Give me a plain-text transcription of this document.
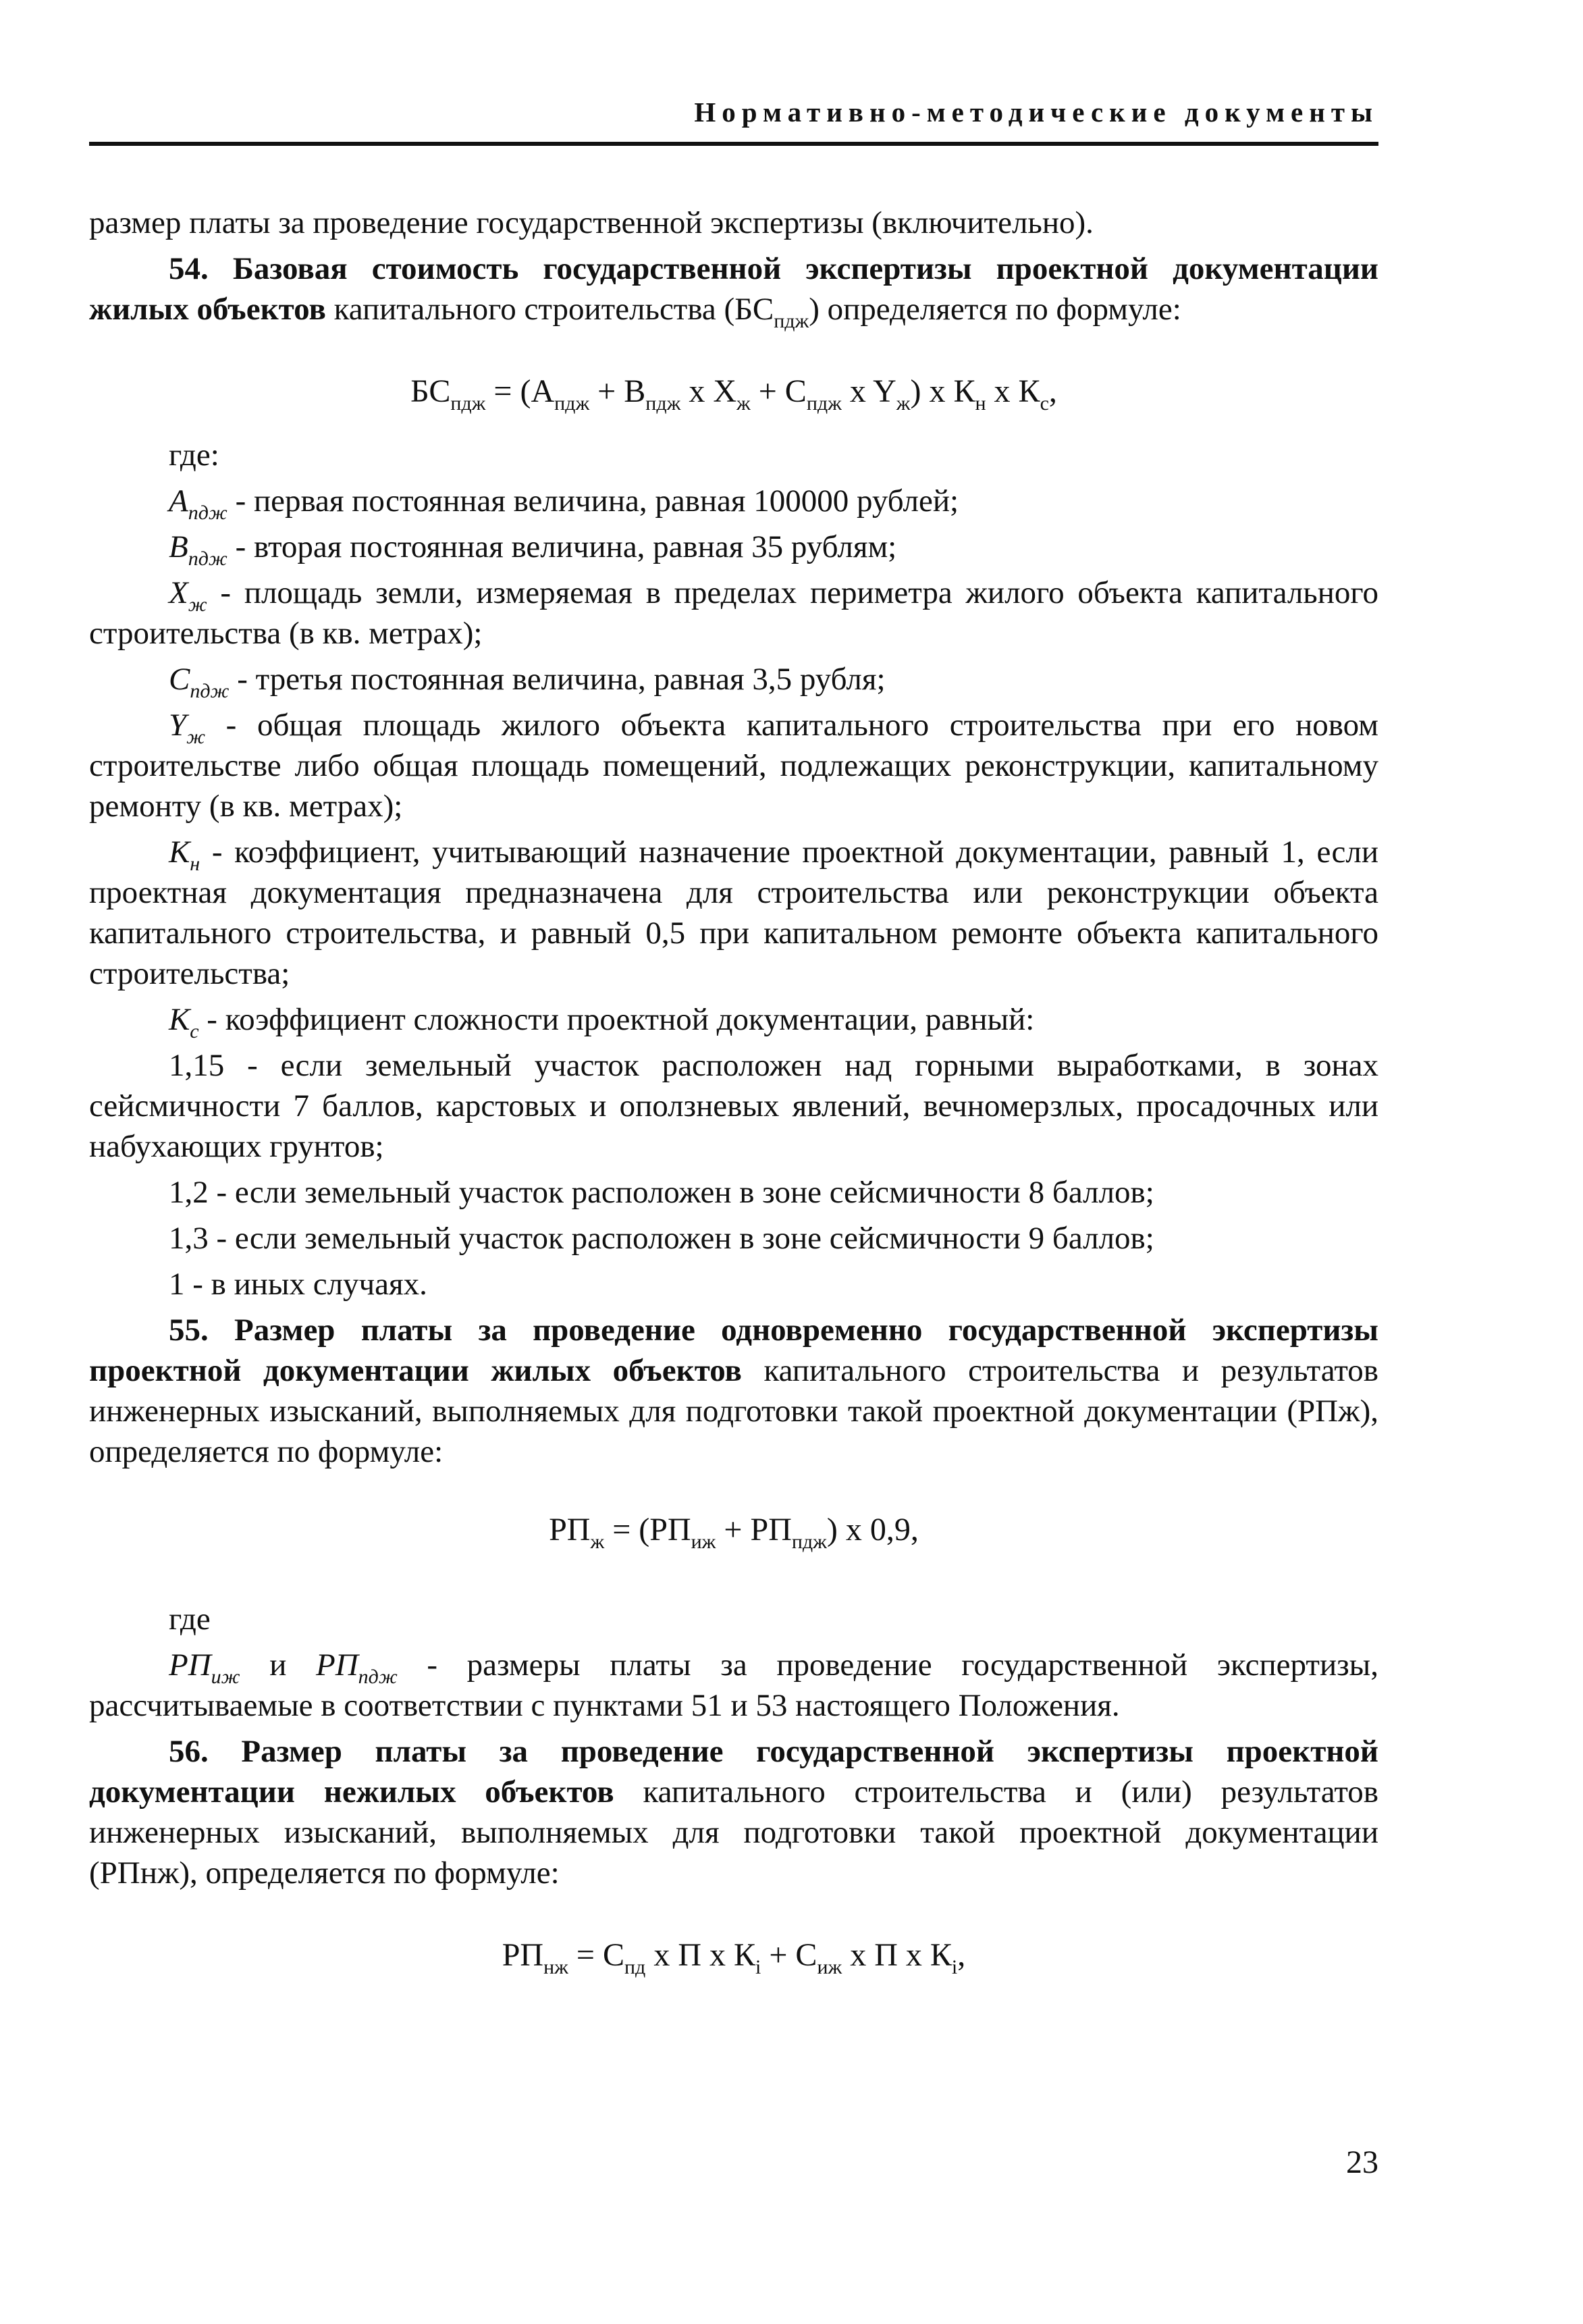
Нормативно-методические документы

размер платы за проведение государственной экспертизы (включительно).

54. Базовая стоимость государственной экспертизы проектной документации жилых объектов капитального строительства $(БС_{пдж})$ определяется по формуле:

$БС_{пдж} = (А_{пдж} + В_{пдж}$ x $Х_ж + С_{пдж}$ x $Y_ж$) x $К_н$ x $К_с$,

где:

$А_{пдж}$ - первая постоянная величина, равная 100000 рублей;

$В_{пдж}$ - вторая постоянная величина, равная 35 рублям;

$Х_ж$ - площадь земли, измеряемая в пределах периметра жилого объекта капитального строительства (в кв. метрах);

$С_{пдж}$ - третья постоянная величина, равная 3,5 рубля;

$Y_ж$ - общая площадь жилого объекта капитального строительства при его новом строительстве либо общая площадь помещений, подлежащих реконструкции, капитальному ремонту (в кв. метрах);

$К_н$ - коэффициент, учитывающий назначение проектной документации, равный 1, если проектная документация предназначена для строительства или реконструкции объекта капитального строительства, и равный 0,5 при капитальном ремонте объекта капитального строительства;

$К_с$ - коэффициент сложности проектной документации, равный:

1,15 - если земельный участок расположен над горными выработками, в зонах сейсмичности 7 баллов, карстовых и оползневых явлений, вечномерзлых, просадочных или набухающих грунтов;

1,2 - если земельный участок расположен в зоне сейсмичности 8 баллов;

1,3 - если земельный участок расположен в зоне сейсмичности 9 баллов;

1 - в иных случаях.

55. Размер платы за проведение одновременно государственной экспертизы проектной документации жилых объектов капитального строительства и результатов инженерных изысканий, выполняемых для подготовки такой проектной документации (РПж), определяется по формуле:

$РП_ж = (РП_{иж} + РП_{пдж})$ x 0,9,

где

$РП_{иж}$ и $РП_{пдж}$ - размеры платы за проведение государственной экспертизы, рассчитываемые в соответствии с пунктами 51 и 53 настоящего Положения.

56. Размер платы за проведение государственной экспертизы проектной документации нежилых объектов капитального строительства и (или) результатов инженерных изысканий, выполняемых для подготовки такой проектной документации (РПнж), определяется по формуле:

$РП_{нж} = С_{пд}$ x П x $К_i + С_{иж}$ x П x $К_i$,

23
